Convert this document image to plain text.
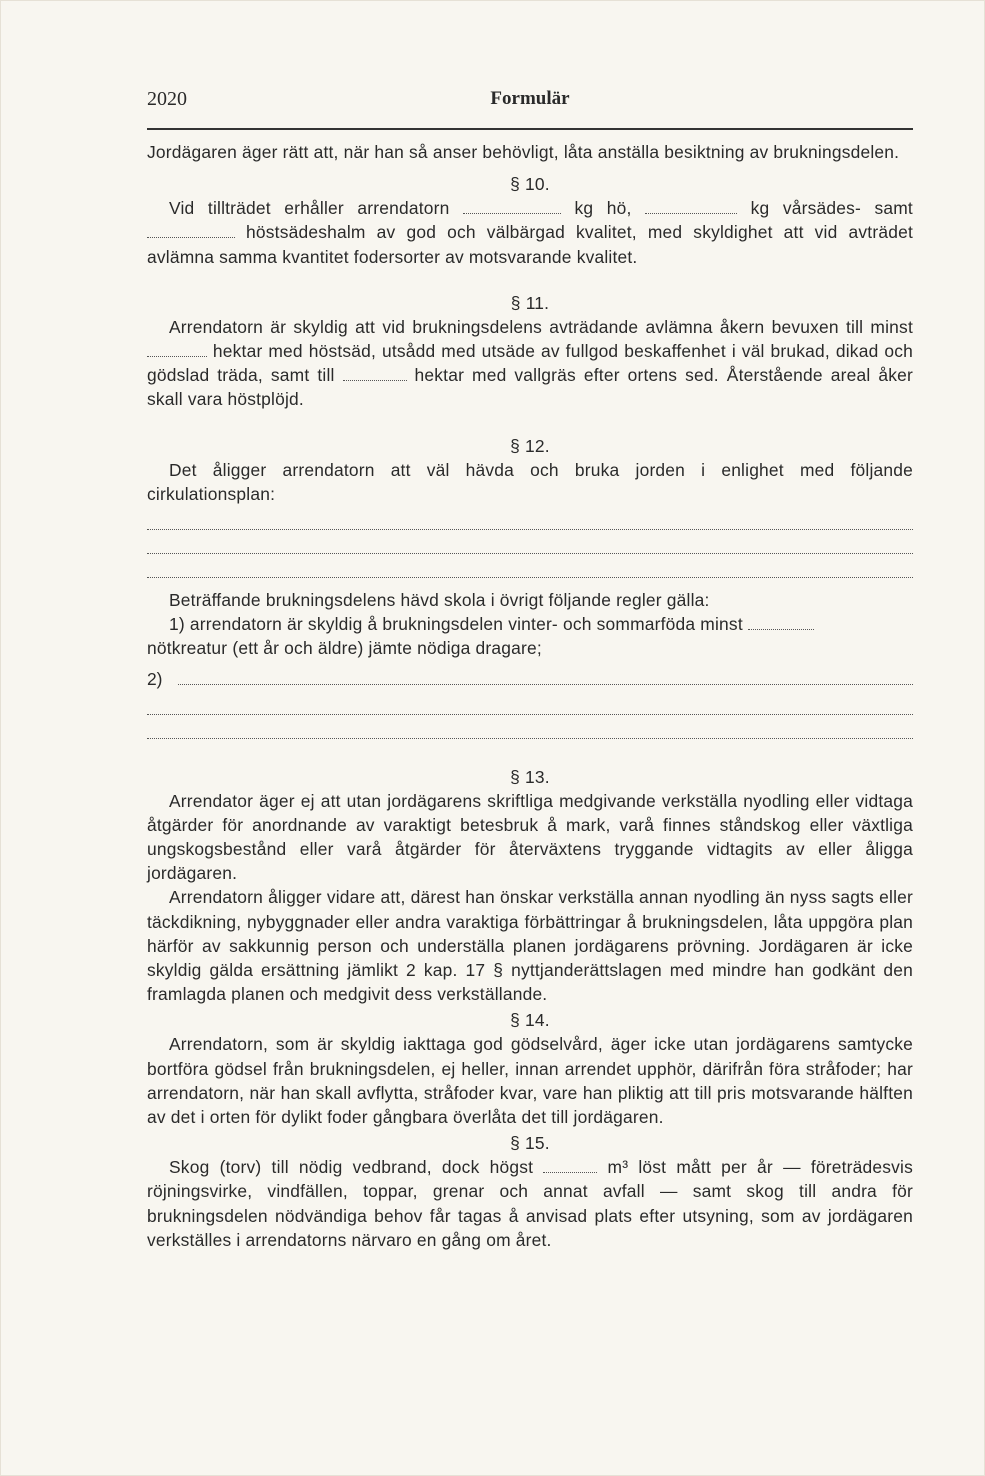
2020	Formulär

Jordägaren äger rätt att, när han så anser behövligt, låta anställa besiktning av brukningsdelen.

§ 10.

Vid tillträdet erhåller arrendatorn	kg hö,	kg vårsädes- samt  höstsädeshalm av god och välbärgad kvalitet, med skyldighet att vid avträdet avlämna samma kvantitet fodersorter av motsvarande kvalitet.

§ 11.

Arrendatorn är skyldig att vid brukningsdelens avträdande avlämna åkern bevuxen till minst  hektar med höstsäd, utsådd med utsäde av fullgod beskaffenhet i väl brukad, dikad och gödslad träda, samt till	hektar med vallgräs efter ortens sed. Återstående areal åker skall vara höstplöjd.

§ 12.

Det åligger arrendatorn att väl hävda och bruka jorden i enlighet med följande cirkulationsplan:

Beträffande brukningsdelens hävd skola i övrigt följande regler gälla:

1) arrendatorn är skyldig å brukningsdelen vinter- och sommarföda minst

nötkreatur (ett år och äldre) jämte nödiga dragare;

2)

§ 13.

Arrendator äger ej att utan jordägarens skriftliga medgivande verkställa nyodling eller vidtaga åtgärder för anordnande av varaktigt betesbruk å mark, varå finnes ståndskog eller växtliga ungskogsbestånd eller varå åtgärder för återväxtens tryggande vidtagits av eller åligga jordägaren.

Arrendatorn åligger vidare att, därest han önskar verkställa annan nyodling än nyss sagts eller täckdikning, nybyggnader eller andra varaktiga förbättringar å brukningsdelen, låta uppgöra plan härför av sakkunnig person och underställa planen jordägarens prövning. Jordägaren är icke skyldig gälda ersättning jämlikt 2 kap. 17 § nyttjanderättslagen med mindre han godkänt den framlagda planen och medgivit dess verkställande.

§ 14.

Arrendatorn, som är skyldig iakttaga god gödselvård, äger icke utan jordägarens samtycke bortföra gödsel från brukningsdelen, ej heller, innan arrendet upphör, därifrån föra stråfoder; har arrendatorn, när han skall avflytta, stråfoder kvar, vare han pliktig att till pris motsvarande hälften av det i orten för dylikt foder gångbara överlåta det till jordägaren.

§ 15.

Skog (torv) till nödig vedbrand, dock högst	m³ löst mått per år — företrädesvis röjningsvirke, vindfällen, toppar, grenar och annat avfall — samt skog till andra för brukningsdelen nödvändiga behov får tagas å anvisad plats efter utsyning, som av jordägaren verkställes i arrendatorns närvaro en gång om året.
